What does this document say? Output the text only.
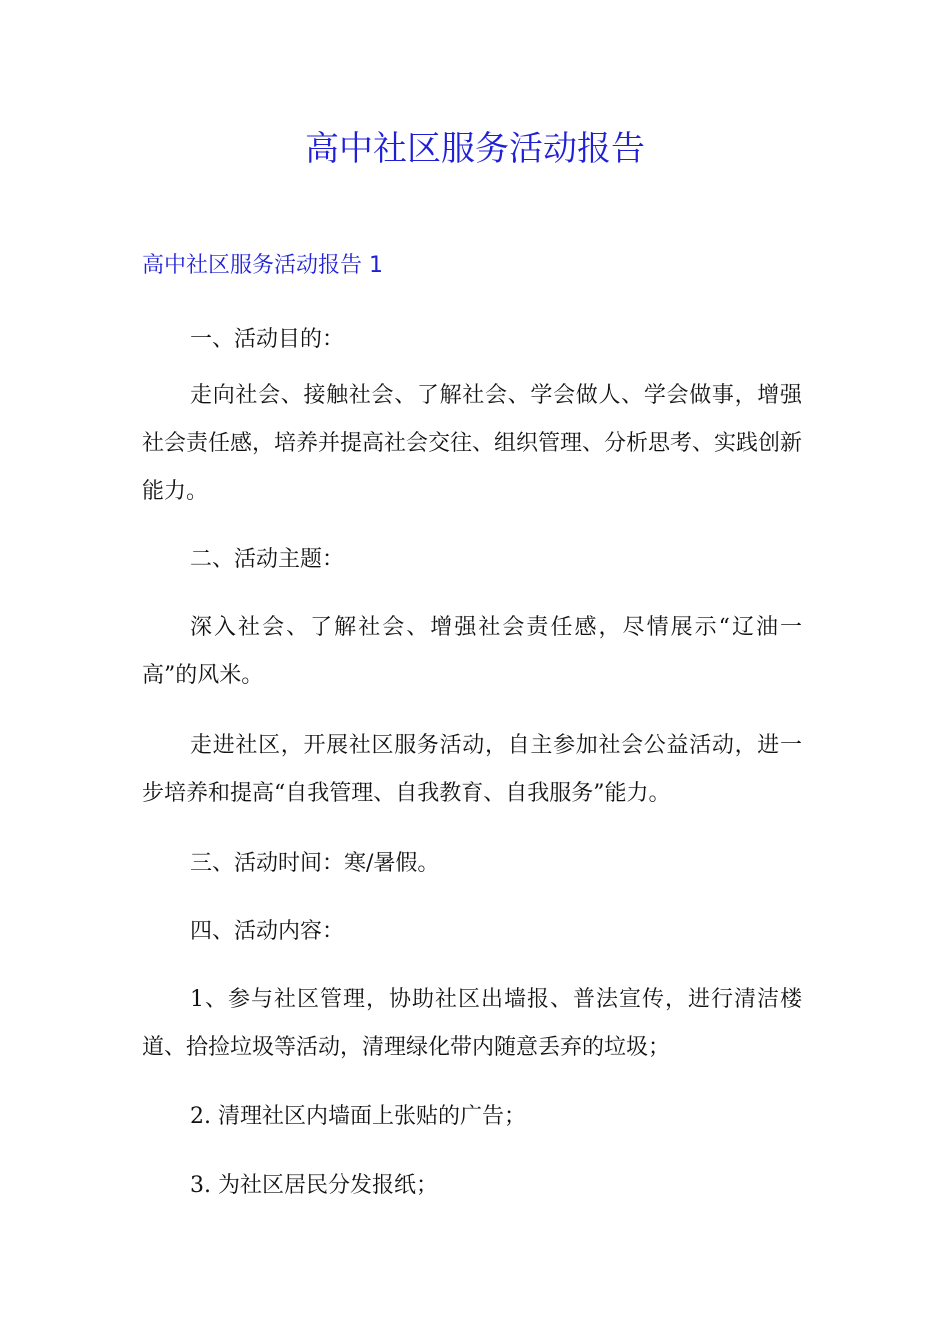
高中社区服务活动报告
高中社区服务活动报告 1

一、活动目的：

走向社会、接触社会、了解社会、学会做人、学会做事，增强社会责任感，培养并提高社会交往、组织管理、分析思考、实践创新能力。

二、活动主题：

深入社会、了解社会、增强社会责任感，尽情展示“辽油一高”的风米。

走进社区，开展社区服务活动，自主参加社会公益活动，进一步培养和提高“自我管理、自我教育、自我服务”能力。

三、活动时间：寒/暑假。

四、活动内容：

1、参与社区管理，协助社区出墙报、普法宣传，进行清洁楼道、拾捡垃圾等活动，清理绿化带内随意丢弃的垃圾；

2. 清理社区内墙面上张贴的广告；

3. 为社区居民分发报纸；
